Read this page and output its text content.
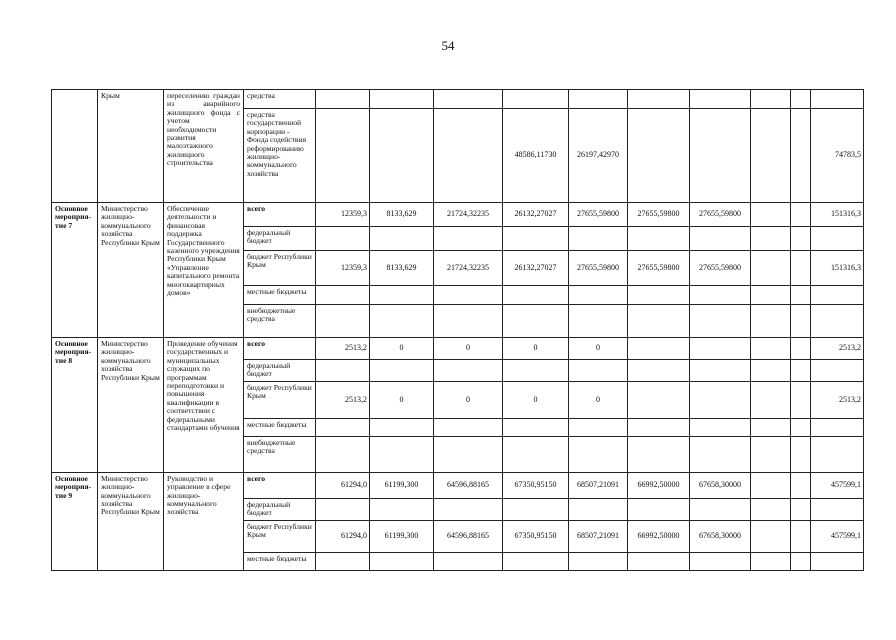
54
	Крым	переселению граждан из аварийного жилищного фонда с учетом необходимости развития малоэтажного жилищного строительства	средства										
			средства государственной корпорации - Фонда содействия реформированию жилищно-коммунального хозяйства				48586,11730	26197,42970					74783,5
Основное мероприя-тие 7	Министерство жилищно-коммунального хозяйства Республики Крым	Обеспечение деятельности и финансовая поддержка Государственного казенного учреждения Республики Крым «Управление капитального ремонта многоквартирных домов»	всего	12359,3	8133,629	21724,32235	26132,27027	27655,59800	27655,59800	27655,59800			151316,3
			федеральный бюджет										
			бюджет Республики Крым	12359,3	8133,629	21724,32235	26132,27027	27655,59800	27655,59800	27655,59800			151316,3
			местные бюджеты										
			внебюджетные средства										
Основное мероприя-тие 8	Министерство жилищно-коммунального хозяйства Республики Крым	Проведение обучения государственных и муниципальных служащих по программам переподготовки и повышения квалификации в соответствии с федеральными стандартами обучения	всего	2513,2	0	0	0	0					2513,2
			федеральный бюджет										
			бюджет Республики Крым	2513,2	0	0	0	0					2513,2
			местные бюджеты										
			внебюджетные средства										
Основное мероприя-тие 9	Министерство жилищно-коммунального хозяйства Республики Крым	Руководство и управление в сфере жилищно-коммунального хозяйства	всего	61294,0	61199,300	64596,88165	67350,95150	68507,21091	66992,50000	67658,30000			457599,1
			федеральный бюджет										
			бюджет Республики Крым	61294,0	61199,300	64596,88165	67350,95150	68507,21091	66992,50000	67658,30000			457599,1
			местные бюджеты										
